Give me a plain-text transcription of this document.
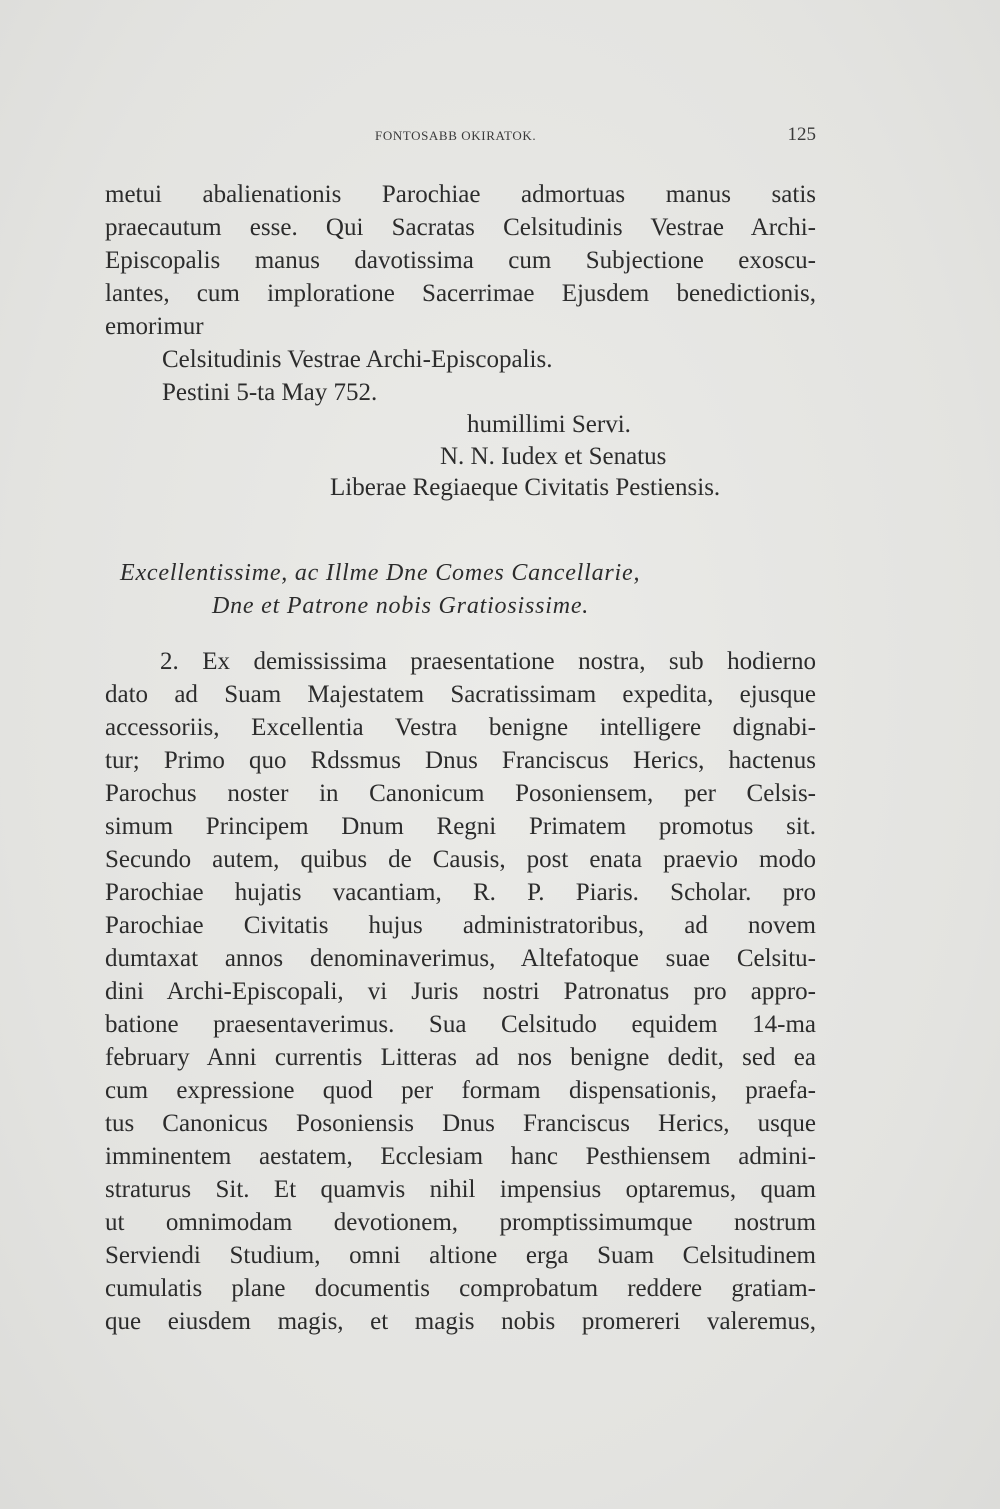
FONTOSABB OKIRATOK.	125
metui abalienationis Parochiae admortuas manus satis
praecautum esse. Qui Sacratas Celsitudinis Vestrae Archi-
Episcopalis manus davotissima cum Subjectione exoscu-
lantes, cum imploratione Sacerrimae Ejusdem benedictionis,
emorimur
Celsitudinis Vestrae Archi-Episcopalis.
Pestini 5-ta May 752.
humillimi Servi.
N. N. Iudex et Senatus
Liberae Regiaeque Civitatis Pestiensis.
Excellentissime, ac Illme Dne Comes Cancellarie,
Dne et Patrone nobis Gratiosissime.
2. Ex demississima praesentatione nostra, sub hodierno
dato ad Suam Majestatem Sacratissimam expedita, ejusque
accessoriis, Excellentia Vestra benigne intelligere dignabi-
tur; Primo quo Rdssmus Dnus Franciscus Herics, hactenus
Parochus noster in Canonicum Posoniensem, per Celsis-
simum Principem Dnum Regni Primatem promotus sit.
Secundo autem, quibus de Causis, post enata praevio modo
Parochiae hujatis vacantiam, R. P. Piaris. Scholar. pro
Parochiae Civitatis hujus administratoribus, ad novem
dumtaxat annos denominaverimus, Altefatoque suae Celsitu-
dini Archi-Episcopali, vi Juris nostri Patronatus pro appro-
batione praesentaverimus. Sua Celsitudo equidem 14-ma
february Anni currentis Litteras ad nos benigne dedit, sed ea
cum expressione quod per formam dispensationis, praefa-
tus Canonicus Posoniensis Dnus Franciscus Herics, usque
imminentem aestatem, Ecclesiam hanc Pesthiensem admini-
straturus Sit. Et quamvis nihil impensius optaremus, quam
ut omnimodam devotionem, promptissimumque nostrum
Serviendi Studium, omni altione erga Suam Celsitudinem
cumulatis plane documentis comprobatum reddere gratiam-
que eiusdem magis, et magis nobis promereri valeremus,
